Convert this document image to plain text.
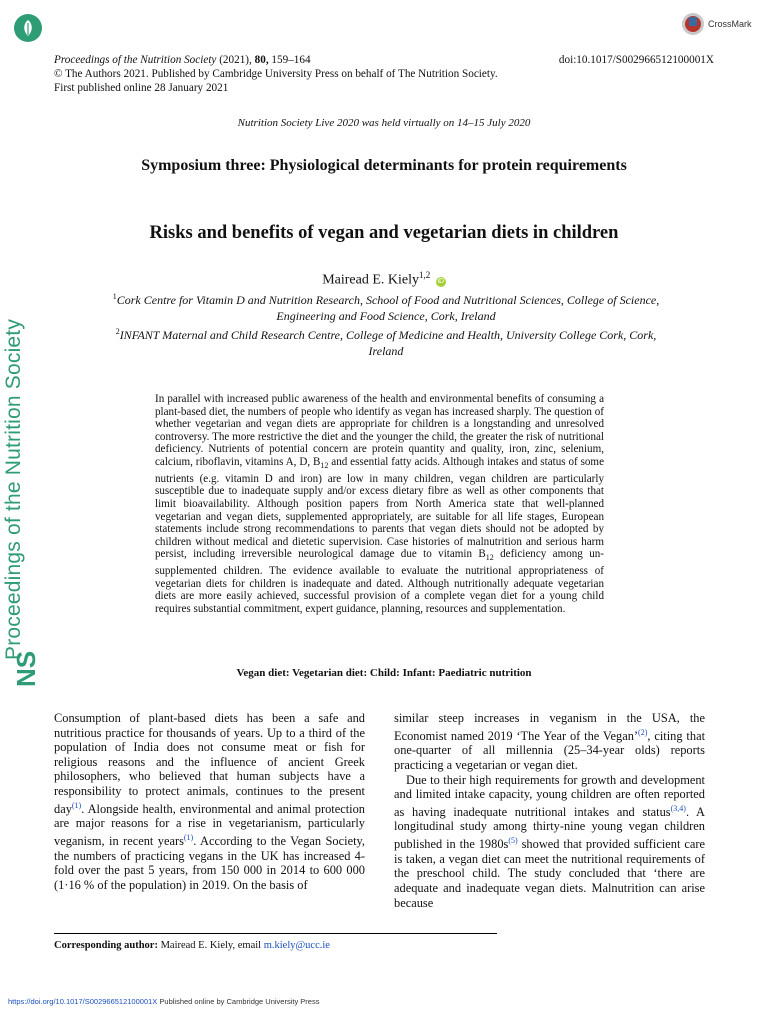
NS
Proceedings of the Nutrition Society
CrossMark
Proceedings of the Nutrition Society (2021), 80, 159–164	doi:10.1017/S002966512100001X
© The Authors 2021. Published by Cambridge University Press on behalf of The Nutrition Society.
First published online 28 January 2021
Nutrition Society Live 2020 was held virtually on 14–15 July 2020
Symposium three: Physiological determinants for protein requirements
Risks and benefits of vegan and vegetarian diets in children
Mairead E. Kiely$^{1,2}$ iD
$^1$Cork Centre for Vitamin D and Nutrition Research, School of Food and Nutritional Sciences, College of Science,
Engineering and Food Science, Cork, Ireland
$^2$INFANT Maternal and Child Research Centre, College of Medicine and Health, University College Cork, Cork,
Ireland
In parallel with increased public awareness of the health and environmental benefits of consuming a plant-based diet, the numbers of people who identify as vegan has increased sharply. The question of whether vegetarian and vegan diets are appropriate for children is a longstanding and unresolved controversy. The more restrictive the diet and the younger the child, the greater the risk of nutritional deficiency. Nutrients of potential concern are protein quantity and quality, iron, zinc, selenium, calcium, riboflavin, vitamins A, D, $B_{12}$ and essential fatty acids. Although intakes and status of some nutrients (e.g. vitamin D and iron) are low in many children, vegan children are particularly susceptible due to inadequate supply and/or excess dietary fibre as well as other components that limit bioavailability. Although position papers from North America state that well-planned vegetarian and vegan diets, supplemented appropriately, are suitable for all life stages, European statements include strong recommendations to parents that vegan diets should not be adopted by children without medical and dietetic supervision. Case histories of malnutrition and serious harm persist, including irreversible neurological damage due to vitamin $B_{12}$ deficiency among un-supplemented children. The evidence available to evaluate the nutritional appropriateness of vegetarian diets for children is inadequate and dated. Although nutritionally adequate vegetarian diets are more easily achieved, successful provision of a complete vegan diet for a young child requires substantial commitment, expert guidance, planning, resources and supplementation.
Vegan diet: Vegetarian diet: Child: Infant: Paediatric nutrition

Consumption of plant-based diets has been a safe and nutritious practice for thousands of years. Up to a third of the population of India does not consume meat or fish for religious reasons and the influence of ancient Greek philosophers, who believed that human subjects have a responsibility to protect animals, continues to the present day$^{(1)}$. Alongside health, environmental and animal protection are major reasons for a rise in vegetarianism, particularly veganism, in recent years$^{(1)}$. According to the Vegan Society, the numbers of practicing vegans in the UK has increased 4-fold over the past 5 years, from 150 000 in 2014 to 600 000 (1·16 % of the population) in 2019. On the basis of

similar steep increases in veganism in the USA, the Economist named 2019 ‘The Year of the Vegan’$^{(2)}$, citing that one-quarter of all millennia (25–34-year olds) reports practicing a vegetarian or vegan diet.

Due to their high requirements for growth and development and limited intake capacity, young children are often reported as having inadequate nutritional intakes and status$^{(3,4)}$. A longitudinal study among thirty-nine young vegan children published in the $1980s^{(5)}$ showed that provided sufficient care is taken, a vegan diet can meet the nutritional requirements of the preschool child. The study concluded that ‘there are adequate and inadequate vegan diets. Malnutrition can arise because

Corresponding author: Mairead E. Kiely, email m.kiely@ucc.ie
https://doi.org/10.1017/S002966512100001X Published online by Cambridge University Press
